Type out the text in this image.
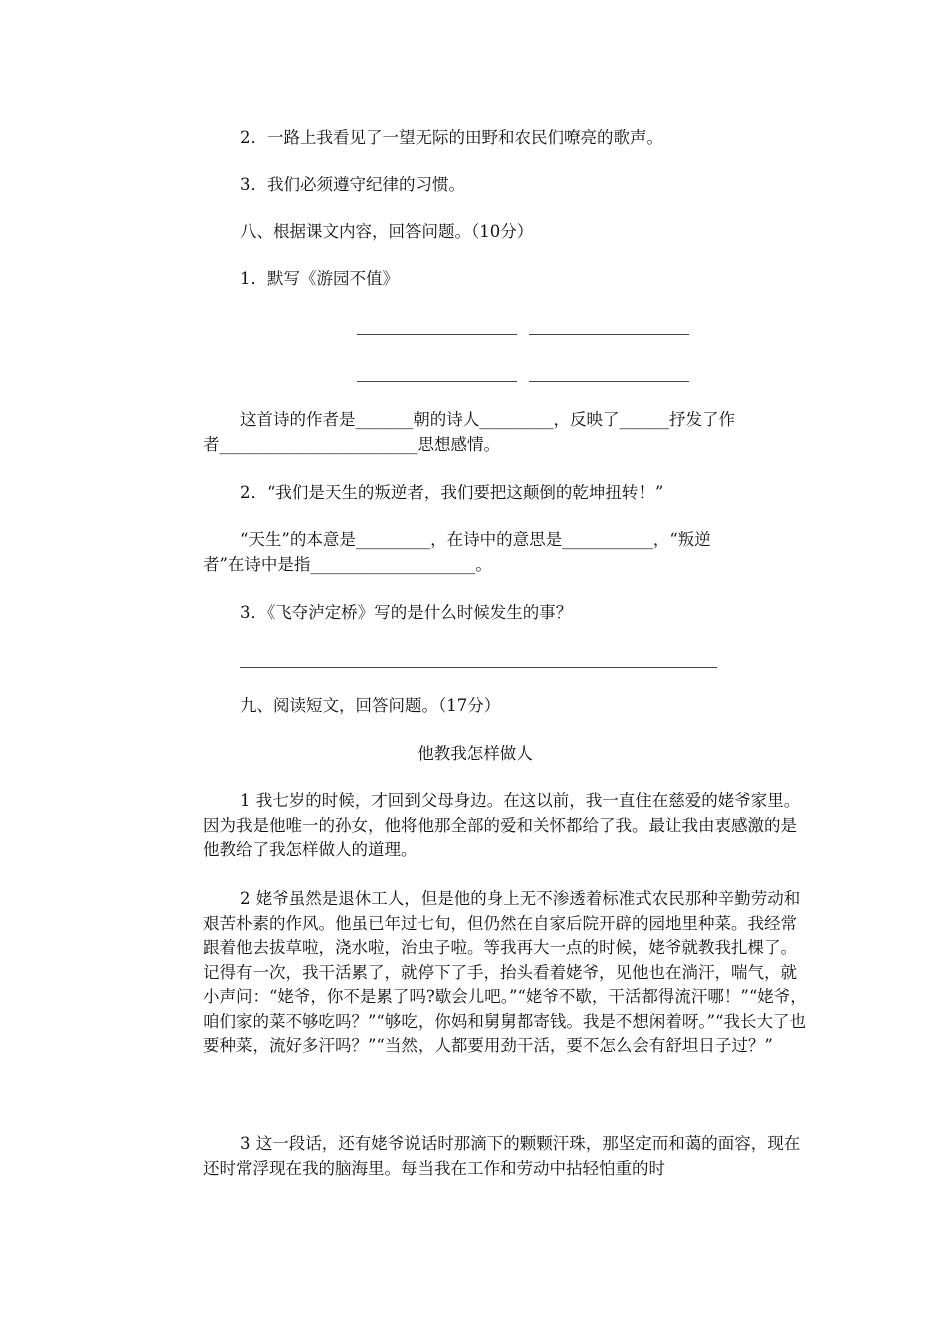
2．一路上我看见了一望无际的田野和农民们嘹亮的歌声。
3．我们必须遵守纪律的习惯。
八、根据课文内容，回答问题。（10分）
1．默写《游园不值》
这首诗的作者是_______朝的诗人_________，反映了______抒发了作
者________________________思想感情。
2．“我们是天生的叛逆者，我们要把这颠倒的乾坤扭转！”
“天生”的本意是_________，在诗中的意思是___________，“叛逆
者”在诗中是指____________________。
3．《飞夺泸定桥》写的是什么时候发生的事？
九、阅读短文，回答问题。（17分）
他教我怎样做人
1 我七岁的时候，才回到父母身边。在这以前，我一直住在慈爱的姥爷家里。因为我是他唯一的孙女，他将他那全部的爱和关怀都给了我。最让我由衷感激的是他教给了我怎样做人的道理。
2 姥爷虽然是退休工人，但是他的身上无不渗透着标准式农民那种辛勤劳动和艰苦朴素的作风。他虽已年过七旬，但仍然在自家后院开辟的园地里种菜。我经常跟着他去拔草啦，浇水啦，治虫子啦。等我再大一点的时候，姥爷就教我扎棵了。记得有一次，我干活累了，就停下了手，抬头看着姥爷，见他也在淌汗，喘气，就小声问：“姥爷，你不是累了吗?歇会儿吧。”“姥爷不歇，干活都得流汗哪！”“姥爷，咱们家的菜不够吃吗？”“够吃，你妈和舅舅都寄钱。我是不想闲着呀。”“我长大了也要种菜，流好多汗吗？”“当然，人都要用劲干活，要不怎么会有舒坦日子过？”
3 这一段话，还有姥爷说话时那滴下的颗颗汗珠，那坚定而和蔼的面容，现在还时常浮现在我的脑海里。每当我在工作和劳动中拈轻怕重的时
